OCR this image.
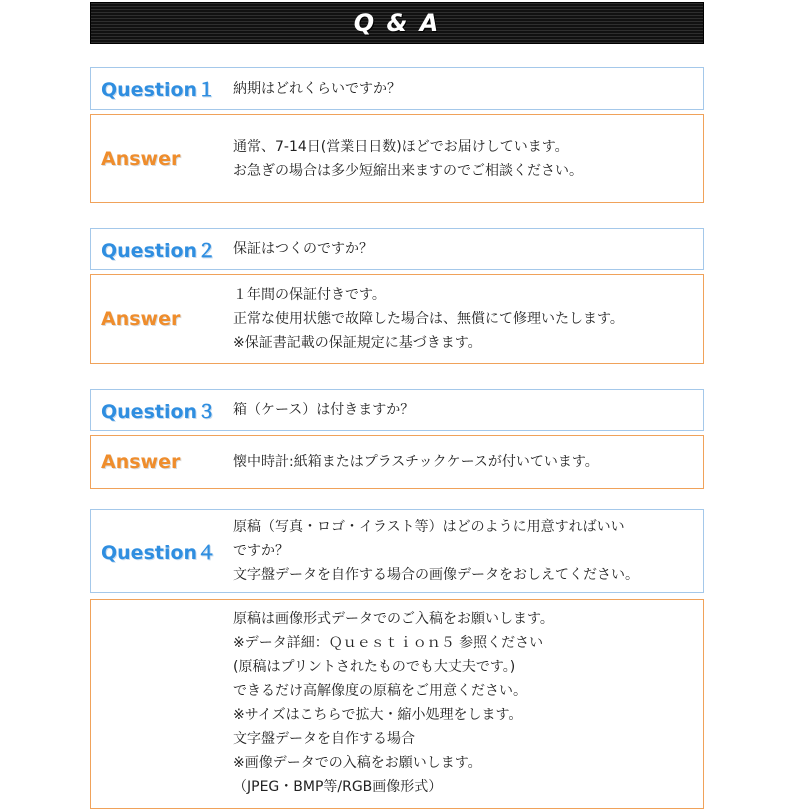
Q & A
Question１ 納期はどれくらいですか？
Answer
通常、7-14日(営業日日数)ほどでお届けしています。
お急ぎの場合は多少短縮出来ますのでご相談ください。
Question２ 保証はつくのですか？
Answer
１年間の保証付きです。
正常な使用状態で故障した場合は、無償にて修理いたします。
※保証書記載の保証規定に基づきます。
Question３ 箱（ケース）は付きますか？
Answer	懐中時計:紙箱またはプラスチックケースが付いています。
Question４
原稿（写真・ロゴ・イラスト等）はどのように用意すればいい
ですか？
文字盤データを自作する場合の画像データをおしえてください。
原稿は画像形式データでのご入稿をお願いします。
※データ詳細：Ｑｕｅｓｔｉｏｎ５ 参照ください
(原稿はプリントされたものでも大丈夫です。)
できるだけ高解像度の原稿をご用意ください。
※サイズはこちらで拡大・縮小処理をします。
文字盤データを自作する場合
※画像データでの入稿をお願いします。
（JPEG・BMP等/RGB画像形式）
